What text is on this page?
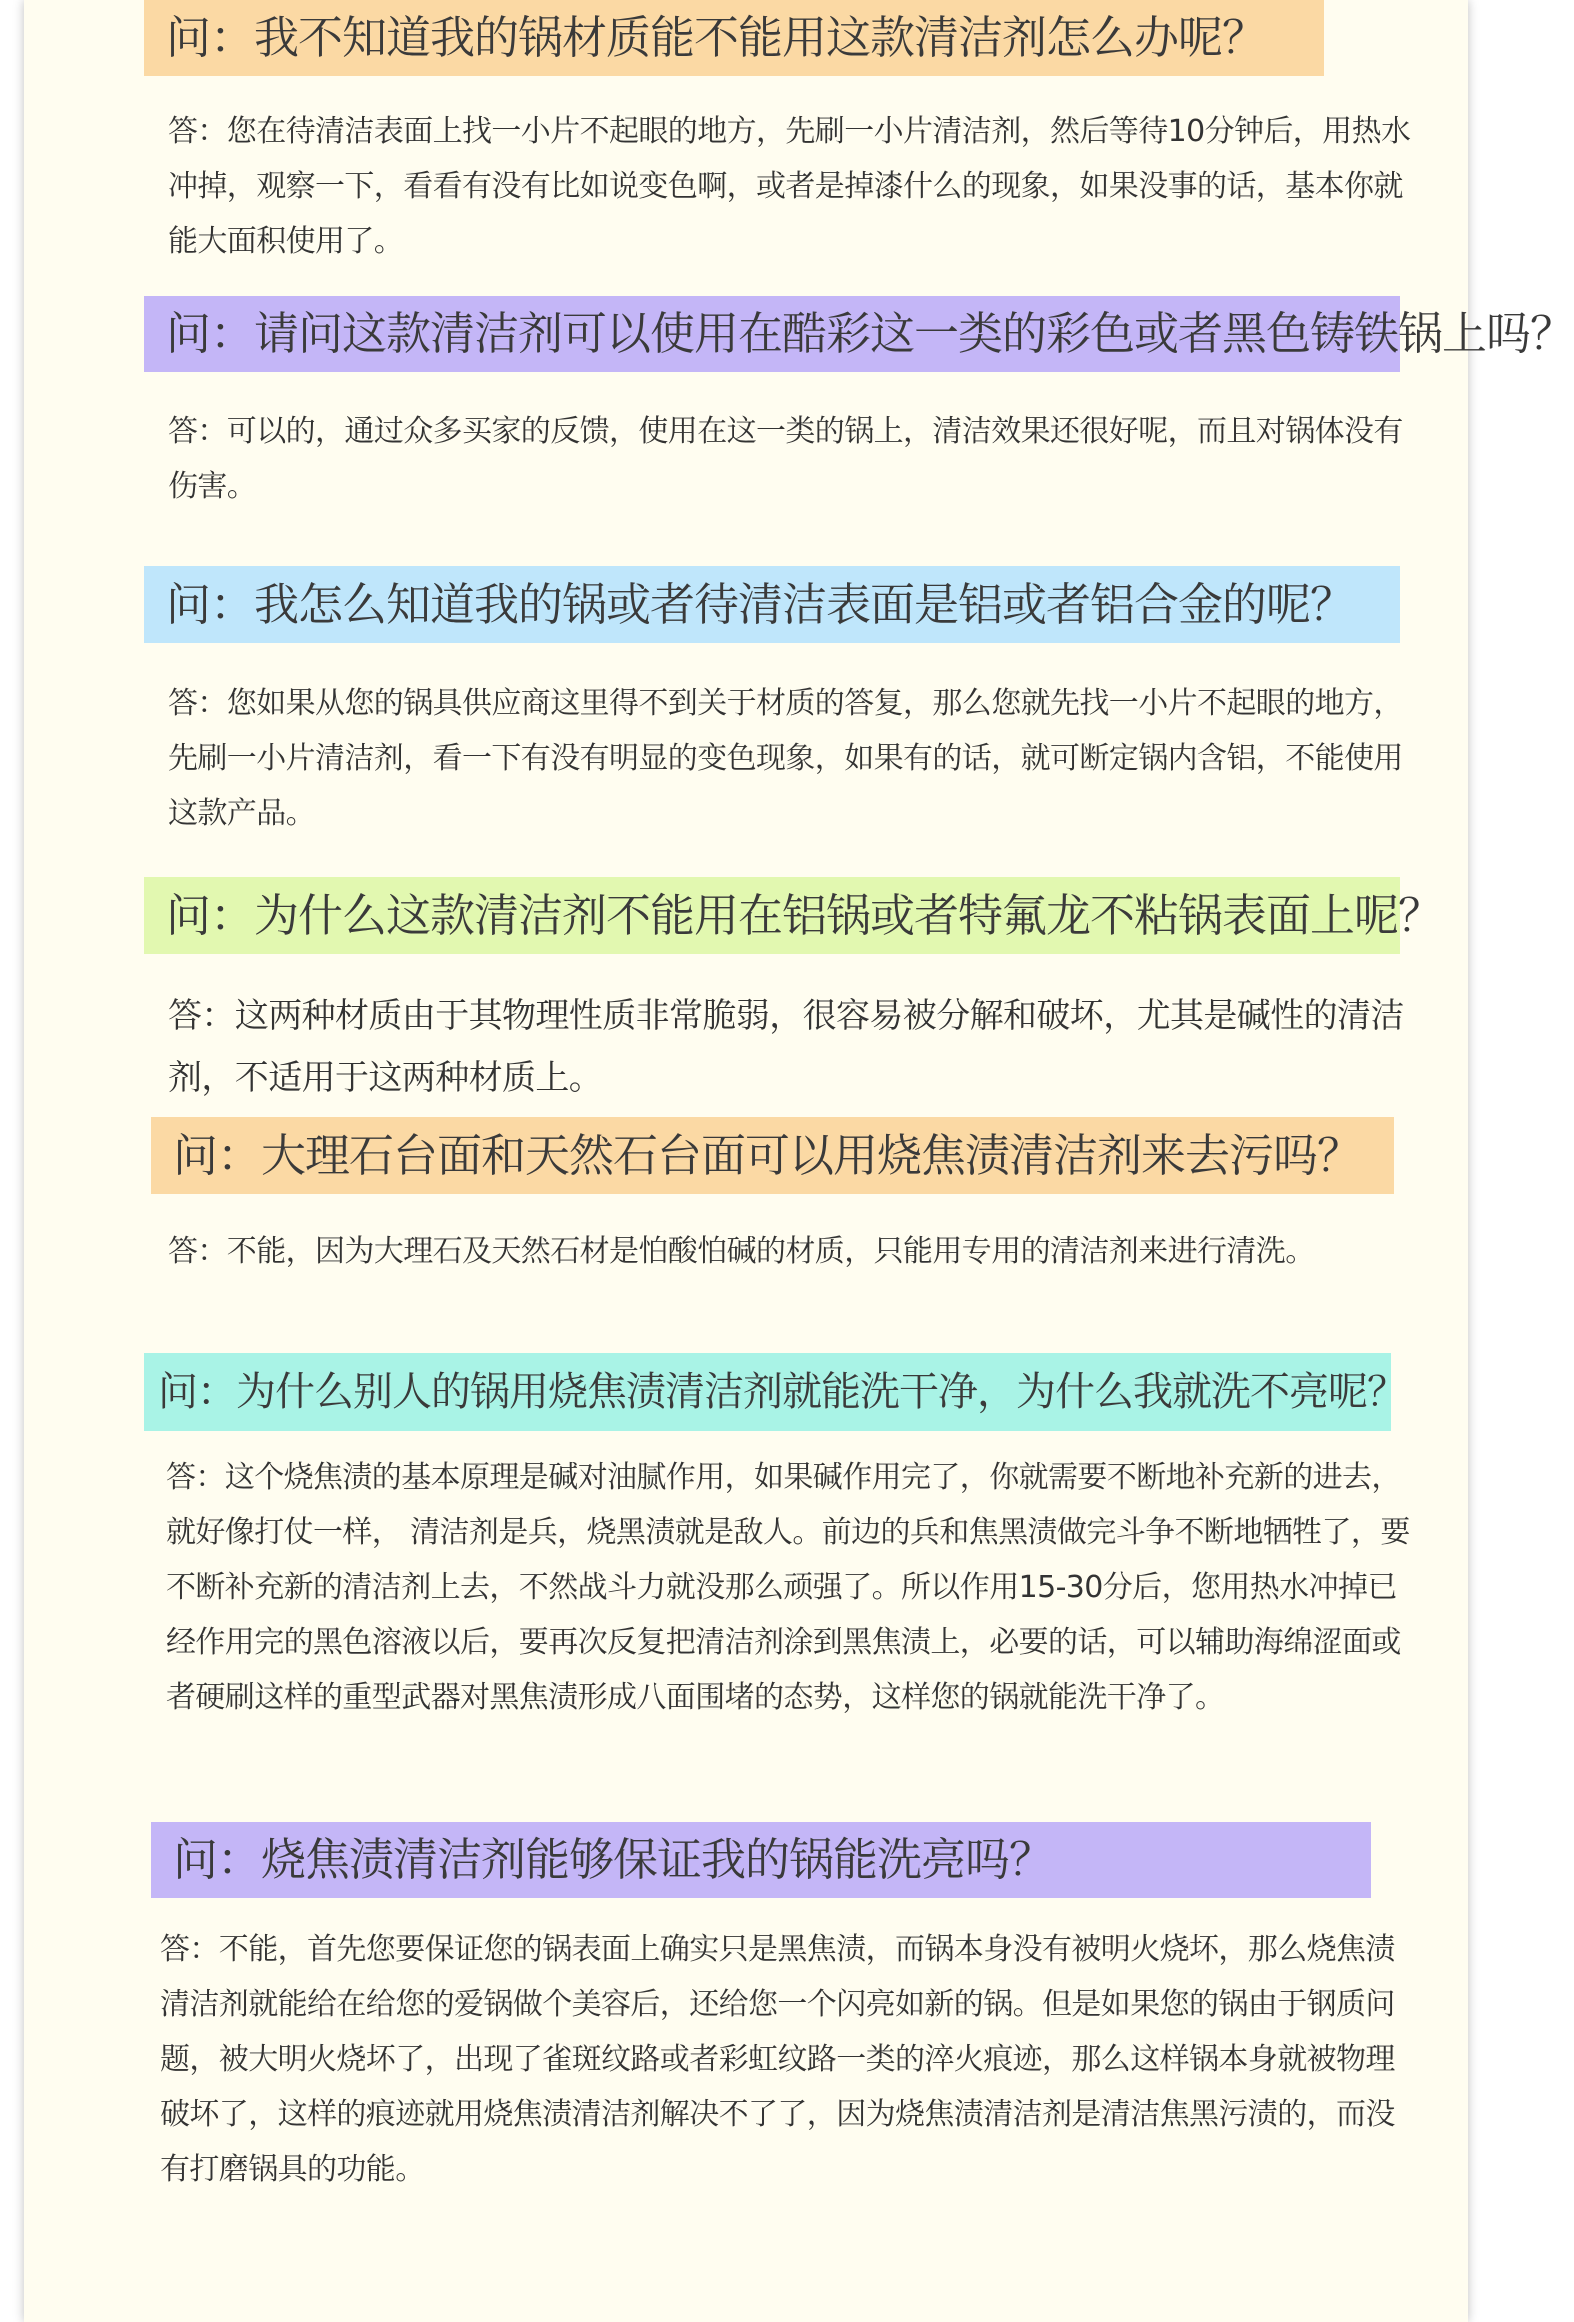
问：我不知道我的锅材质能不能用这款清洁剂怎么办呢？
答：您在待清洁表面上找一小片不起眼的地方，先刷一小片清洁剂，然后等待10分钟后，用热水冲掉，观察一下，看看有没有比如说变色啊，或者是掉漆什么的现象，如果没事的话，基本你就能大面积使用了。
问：请问这款清洁剂可以使用在酷彩这一类的彩色或者黑色铸铁锅上吗？
答：可以的，通过众多买家的反馈，使用在这一类的锅上，清洁效果还很好呢，而且对锅体没有伤害。
问：我怎么知道我的锅或者待清洁表面是铝或者铝合金的呢？
答：您如果从您的锅具供应商这里得不到关于材质的答复，那么您就先找一小片不起眼的地方，先刷一小片清洁剂，看一下有没有明显的变色现象，如果有的话，就可断定锅内含铝，不能使用这款产品。
问：为什么这款清洁剂不能用在铝锅或者特氟龙不粘锅表面上呢？
答：这两种材质由于其物理性质非常脆弱，很容易被分解和破坏，尤其是碱性的清洁剂，不适用于这两种材质上。
问：大理石台面和天然石台面可以用烧焦渍清洁剂来去污吗？
答：不能，因为大理石及天然石材是怕酸怕碱的材质，只能用专用的清洁剂来进行清洗。
问：为什么别人的锅用烧焦渍清洁剂就能洗干净，为什么我就洗不亮呢？
答：这个烧焦渍的基本原理是碱对油腻作用，如果碱作用完了，你就需要不断地补充新的进去，就好像打仗一样， 清洁剂是兵，烧黑渍就是敌人。前边的兵和焦黑渍做完斗争不断地牺牲了，要不断补充新的清洁剂上去，不然战斗力就没那么顽强了。所以作用15-30分后，您用热水冲掉已经作用完的黑色溶液以后，要再次反复把清洁剂涂到黑焦渍上，必要的话，可以辅助海绵涩面或者硬刷这样的重型武器对黑焦渍形成八面围堵的态势，这样您的锅就能洗干净了。
问：烧焦渍清洁剂能够保证我的锅能洗亮吗？
答：不能，首先您要保证您的锅表面上确实只是黑焦渍，而锅本身没有被明火烧坏，那么烧焦渍清洁剂就能给在给您的爱锅做个美容后，还给您一个闪亮如新的锅。但是如果您的锅由于钢质问题，被大明火烧坏了，出现了雀斑纹路或者彩虹纹路一类的淬火痕迹，那么这样锅本身就被物理破坏了，这样的痕迹就用烧焦渍清洁剂解决不了了，因为烧焦渍清洁剂是清洁焦黑污渍的，而没有打磨锅具的功能。
